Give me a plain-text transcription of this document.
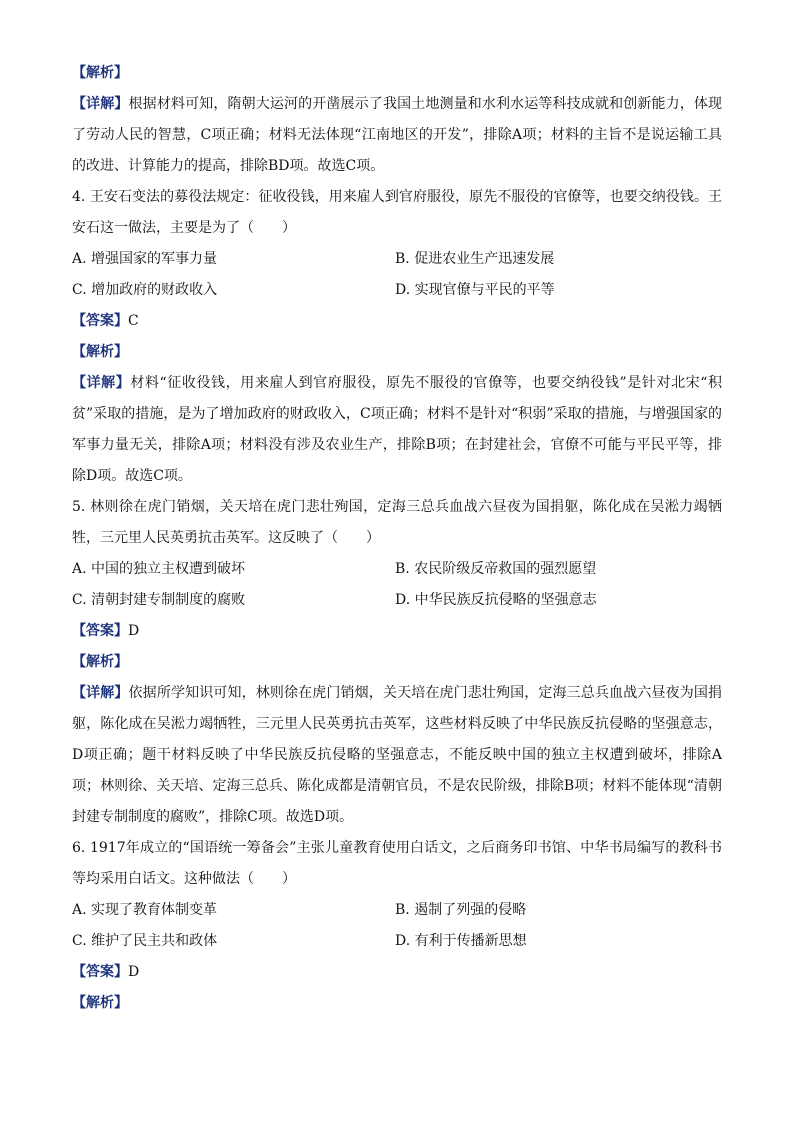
【解析】
【详解】根据材料可知，隋朝大运河的开凿展示了我国土地测量和水利水运等科技成就和创新能力，体现了劳动人民的智慧，C项正确；材料无法体现“江南地区的开发”，排除A项；材料的主旨不是说运输工具的改进、计算能力的提高，排除BD项。故选C项。
4. 王安石变法的募役法规定：征收役钱，用来雇人到官府服役，原先不服役的官僚等，也要交纳役钱。王安石这一做法，主要是为了（　　）
A. 增强国家的军事力量	B. 促进农业生产迅速发展
C. 增加政府的财政收入	D. 实现官僚与平民的平等
【答案】C
【解析】
【详解】材料“征收役钱，用来雇人到官府服役，原先不服役的官僚等，也要交纳役钱”是针对北宋“积贫”采取的措施，是为了增加政府的财政收入，C项正确；材料不是针对“积弱”采取的措施，与增强国家的军事力量无关，排除A项；材料没有涉及农业生产，排除B项；在封建社会，官僚不可能与平民平等，排除D项。故选C项。
5. 林则徐在虎门销烟，关天培在虎门悲壮殉国，定海三总兵血战六昼夜为国捐躯，陈化成在吴淞力竭牺牲，三元里人民英勇抗击英军。这反映了（　　）
A. 中国的独立主权遭到破坏	B. 农民阶级反帝救国的强烈愿望
C. 清朝封建专制制度的腐败	D. 中华民族反抗侵略的坚强意志
【答案】D
【解析】
【详解】依据所学知识可知，林则徐在虎门销烟，关天培在虎门悲壮殉国，定海三总兵血战六昼夜为国捐躯，陈化成在吴淞力竭牺牲，三元里人民英勇抗击英军，这些材料反映了中华民族反抗侵略的坚强意志，D项正确；题干材料反映了中华民族反抗侵略的坚强意志，不能反映中国的独立主权遭到破坏，排除A项；林则徐、关天培、定海三总兵、陈化成都是清朝官员，不是农民阶级，排除B项；材料不能体现“清朝封建专制制度的腐败”，排除C项。故选D项。
6. 1917年成立的“国语统一筹备会”主张儿童教育使用白话文，之后商务印书馆、中华书局编写的教科书等均采用白话文。这种做法（　　）
A. 实现了教育体制变革	B. 遏制了列强的侵略
C. 维护了民主共和政体	D. 有利于传播新思想
【答案】D
【解析】
